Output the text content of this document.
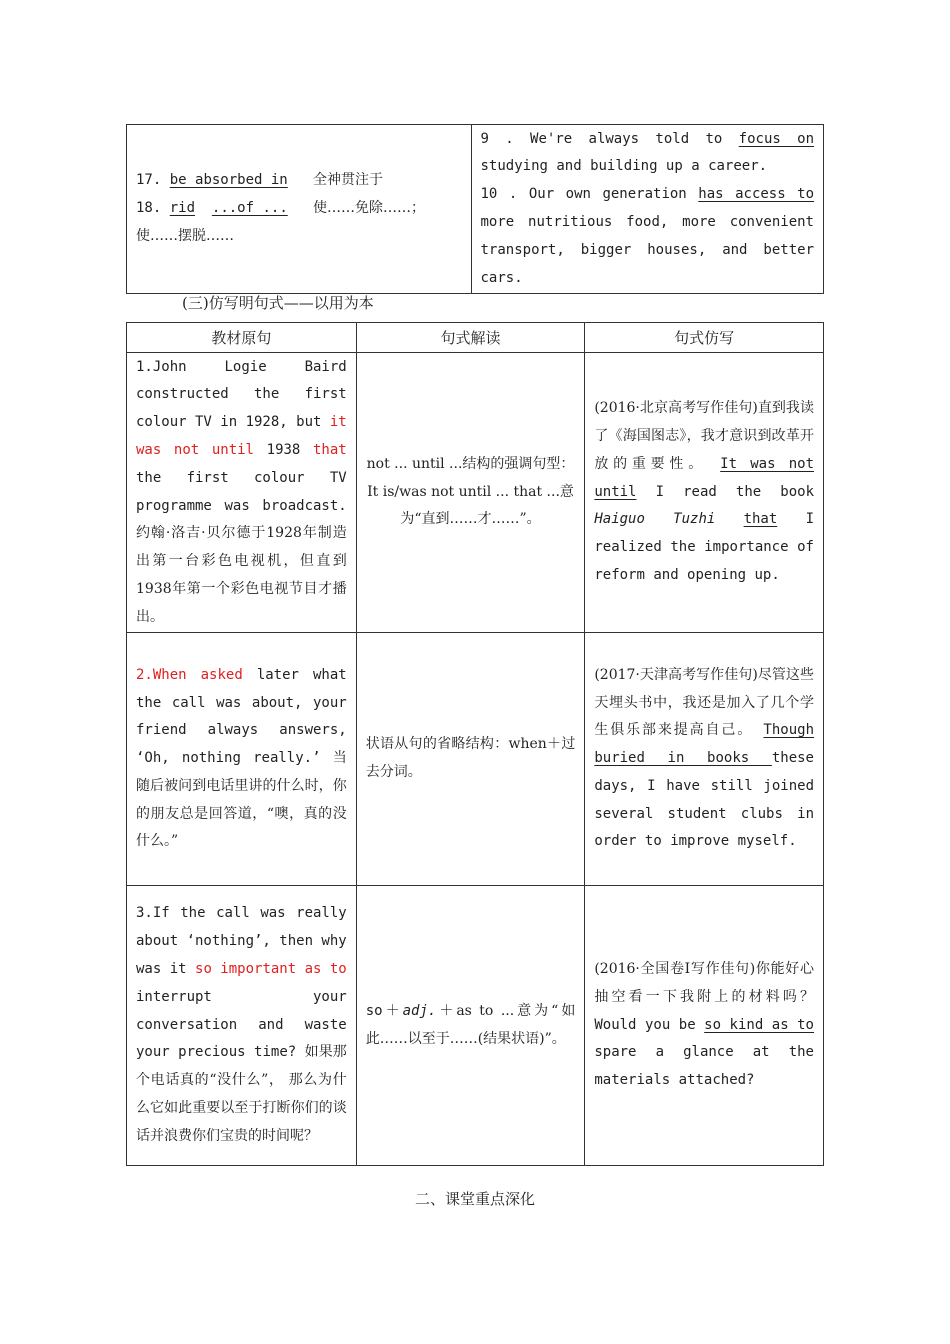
17. be absorbed in 全神贯注于
18. rid ...of ... 使……免除……；使……摆脱……

9 . We're always told to focus on studying and building up a career.
10 . Our own generation has access to more nutritious food, more convenient transport, bigger houses, and better cars.
(三)仿写明句式——以用为本
教材原句	句式解读	句式仿写

1.John Logie Baird constructed the first colour TV in 1928, but it was not until 1938 that the first colour TV programme was broadcast. 约翰·洛吉·贝尔德于1928年制造出第一台彩色电视机，但直到1938年第一个彩色电视节目才播出。	not ... until ...结构的强调句型： It is/was not until ... that ...意为“直到……才……”。	(2016·北京高考写作佳句)直到我读了《海国图志》，我才意识到改革开放的重要性。 It was not until I read the book Haiguo Tuzhi that I realized the importance of reform and opening up.

2.When asked later what the call was about, your friend always answers, ‘Oh, nothing really.’ 当随后被问到电话里讲的什么时，你的朋友总是回答道，“噢，真的没什么。”	状语从句的省略结构：when＋过去分词。	(2017·天津高考写作佳句)尽管这些天埋头书中，我还是加入了几个学生俱乐部来提高自己。 Though buried in books these days, I have still joined several student clubs in order to improve myself.

3.If the call was really about ‘nothing’, then why was it so important as to interrupt your conversation and waste your precious time? 如果那个电话真的“没什么”， 那么为什么它如此重要以至于打断你们的谈话并浪费你们宝贵的时间呢？	so＋adj.＋as to ...意为“如此……以至于……(结果状语)”。	(2016·全国卷Ⅰ写作佳句)你能好心抽空看一下我附上的材料吗？ Would you be so kind as to spare a glance at the materials attached?
二、课堂重点深化
